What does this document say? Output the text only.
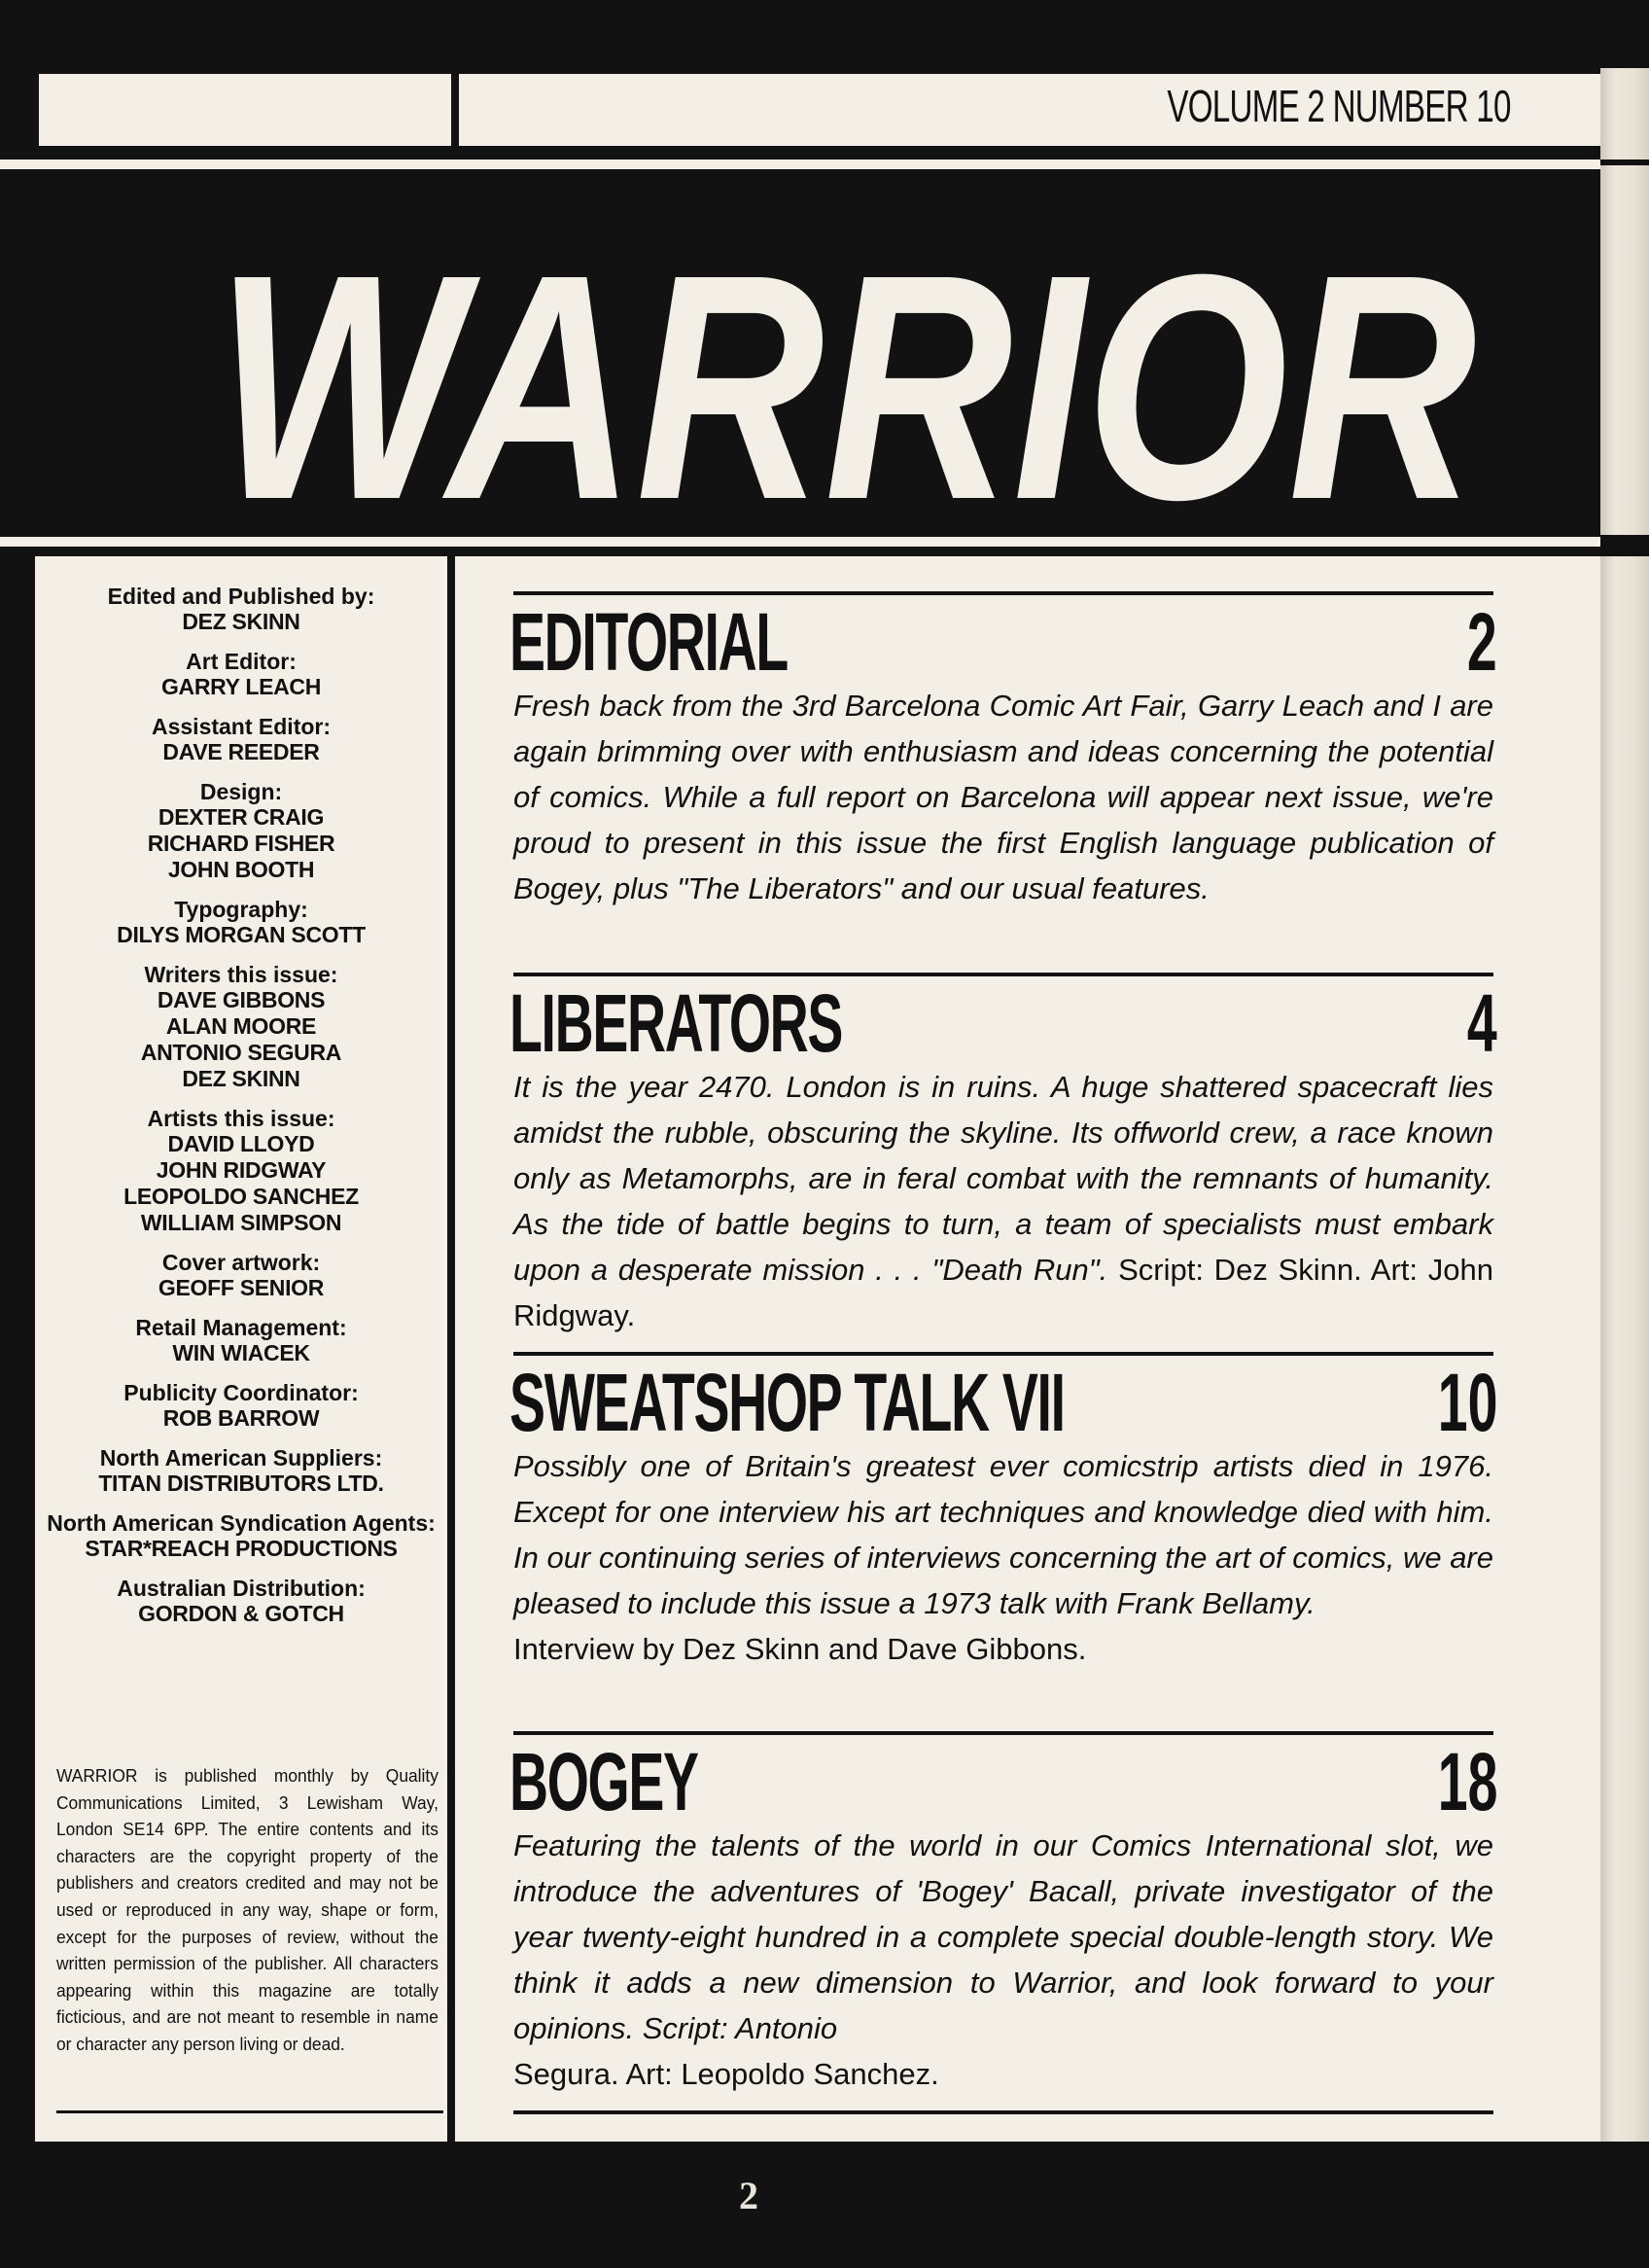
VOLUME 2 NUMBER 10
WARRIOR
Edited and Published by:
DEZ SKINN
Art Editor:
GARRY LEACH
Assistant Editor:
DAVE REEDER
Design:
DEXTER CRAIG
RICHARD FISHER
JOHN BOOTH
Typography:
DILYS MORGAN SCOTT
Writers this issue:
DAVE GIBBONS
ALAN MOORE
ANTONIO SEGURA
DEZ SKINN
Artists this issue:
DAVID LLOYD
JOHN RIDGWAY
LEOPOLDO SANCHEZ
WILLIAM SIMPSON
Cover artwork:
GEOFF SENIOR
Retail Management:
WIN WIACEK
Publicity Coordinator:
ROB BARROW
North American Suppliers:
TITAN DISTRIBUTORS LTD.
North American Syndication Agents:
STAR*REACH PRODUCTIONS
Australian Distribution:
GORDON & GOTCH
WARRIOR is published monthly by Quality Communications Limited, 3 Lewisham Way, London SE14 6PP. The entire contents and its characters are the copyright property of the publishers and creators credited and may not be used or reproduced in any way, shape or form, except for the purposes of review, without the written permission of the publisher. All characters appearing within this magazine are totally ficticious, and are not meant to resemble in name or character any person living or dead.
EDITORIAL	2
Fresh back from the 3rd Barcelona Comic Art Fair, Garry Leach and I are again brimming over with enthusiasm and ideas concerning the potential of comics. While a full report on Barcelona will appear next issue, we're proud to present in this issue the first English language publication of Bogey, plus "The Liberators" and our usual features.
LIBERATORS	4
It is the year 2470. London is in ruins. A huge shattered spacecraft lies amidst the rubble, obscuring the skyline. Its offworld crew, a race known only as Metamorphs, are in feral combat with the remnants of humanity. As the tide of battle begins to turn, a team of specialists must embark upon a desperate mission . . . "Death Run". Script: Dez Skinn. Art: John Ridgway.
SWEATSHOP TALK VII	10
Possibly one of Britain's greatest ever comicstrip artists died in 1976. Except for one interview his art techniques and knowledge died with him. In our continuing series of interviews concerning the art of comics, we are pleased to include this issue a 1973 talk with Frank Bellamy.
Interview by Dez Skinn and Dave Gibbons.
BOGEY	18
Featuring the talents of the world in our Comics International slot, we introduce the adventures of 'Bogey' Bacall, private investigator of the year twenty-eight hundred in a complete special double-length story. We think it adds a new dimension to Warrior, and look forward to your opinions. Script: Antonio
Segura. Art: Leopoldo Sanchez.
2
